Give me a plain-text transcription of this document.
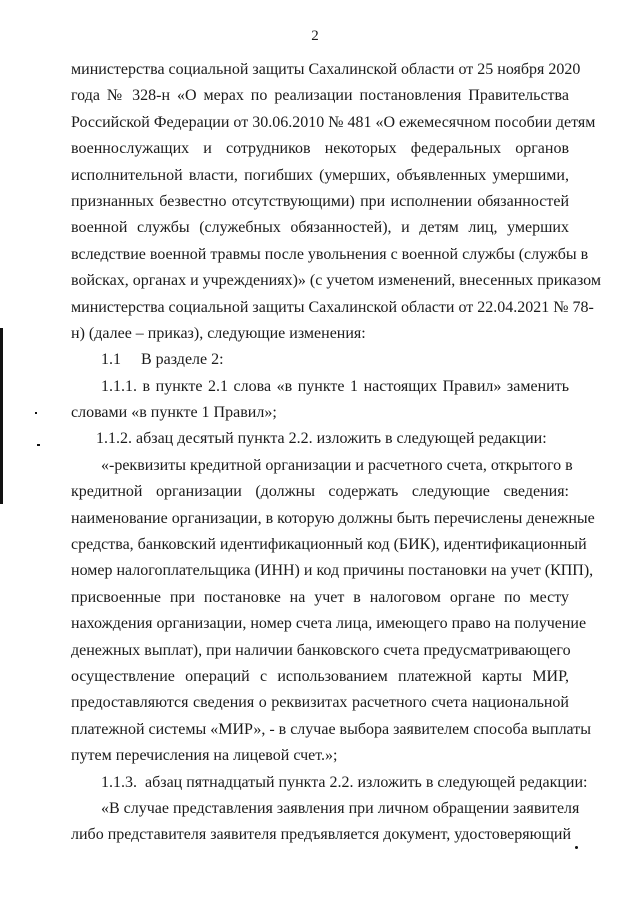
2
министерства социальной защиты Сахалинской области от 25 ноября 2020
года № 328-н «О мерах по реализации постановления Правительства
Российской Федерации от 30.06.2010 № 481 «О ежемесячном пособии детям
военнослужащих и сотрудников некоторых федеральных органов
исполнительной власти, погибших (умерших, объявленных умершими,
признанных безвестно отсутствующими) при исполнении обязанностей
военной службы (служебных обязанностей), и детям лиц, умерших
вследствие военной травмы после увольнения с военной службы (службы в
войсках, органах и учреждениях)» (с учетом изменений, внесенных приказом
министерства социальной защиты Сахалинской области от 22.04.2021 № 78-
н) (далее – приказ), следующие изменения:
1.1     В разделе 2:
1.1.1. в пункте 2.1 слова «в пункте 1 настоящих Правил» заменить
словами «в пункте 1 Правил»;
1.1.2. абзац десятый пункта 2.2. изложить в следующей редакции:
«-реквизиты кредитной организации и расчетного счета, открытого в
кредитной организации (должны содержать следующие сведения:
наименование организации, в которую должны быть перечислены денежные
средства, банковский идентификационный код (БИК), идентификационный
номер налогоплательщика (ИНН) и код причины постановки на учет (КПП),
присвоенные при постановке на учет в налоговом органе по месту
нахождения организации, номер счета лица, имеющего право на получение
денежных выплат), при наличии банковского счета предусматривающего
осуществление операций с использованием платежной карты МИР,
предоставляются сведения о реквизитах расчетного счета национальной
платежной системы «МИР», - в случае выбора заявителем способа выплаты
путем перечисления на лицевой счет.»;
1.1.3.  абзац пятнадцатый пункта 2.2. изложить в следующей редакции:
«В случае представления заявления при личном обращении заявителя
либо представителя заявителя предъявляется документ, удостоверяющий
